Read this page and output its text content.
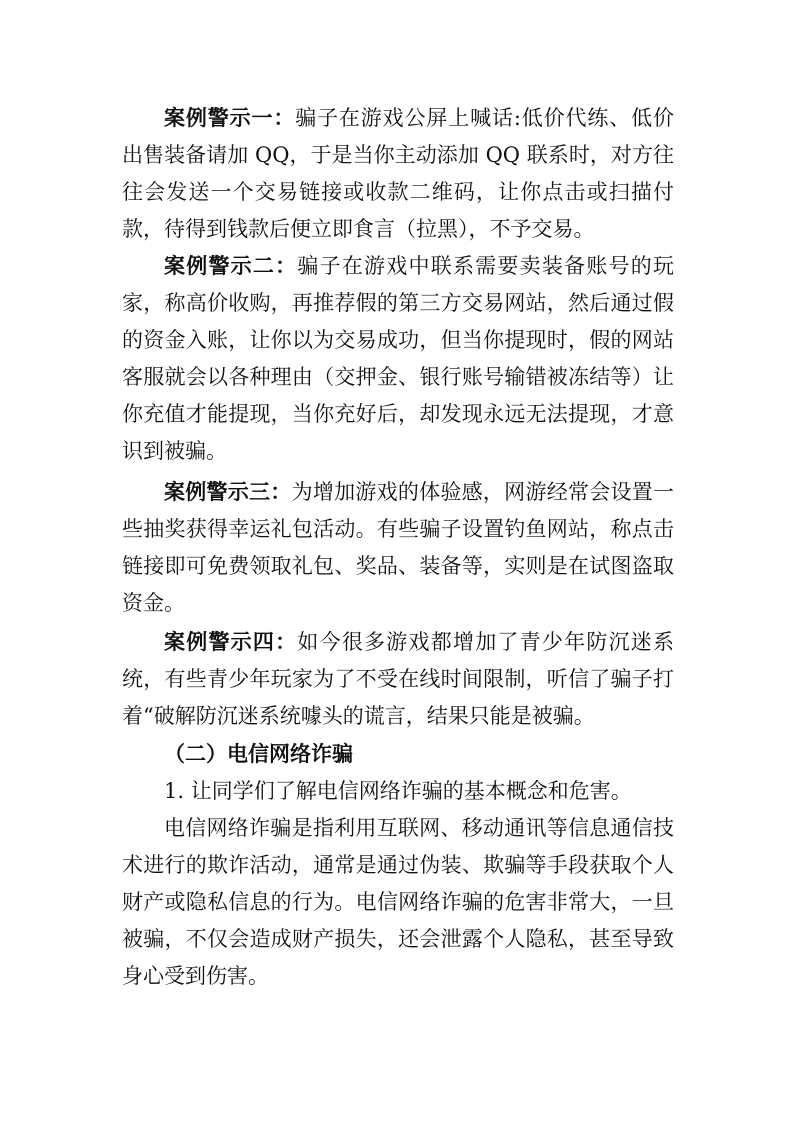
案例警示一：骗子在游戏公屏上喊话:低价代练、低价出售装备请加 QQ，于是当你主动添加 QQ 联系时，对方往往会发送一个交易链接或收款二维码，让你点击或扫描付款，待得到钱款后便立即食言（拉黑），不予交易。

案例警示二：骗子在游戏中联系需要卖装备账号的玩家，称高价收购，再推荐假的第三方交易网站，然后通过假的资金入账，让你以为交易成功，但当你提现时，假的网站客服就会以各种理由（交押金、银行账号输错被冻结等）让你充值才能提现，当你充好后，却发现永远无法提现，才意识到被骗。

案例警示三：为增加游戏的体验感，网游经常会设置一些抽奖获得幸运礼包活动。有些骗子设置钓鱼网站，称点击链接即可免费领取礼包、奖品、装备等，实则是在试图盗取资金。

案例警示四：如今很多游戏都增加了青少年防沉迷系统，有些青少年玩家为了不受在线时间限制，听信了骗子打着“破解防沉迷系统噱头的谎言，结果只能是被骗。

（二）电信网络诈骗

1. 让同学们了解电信网络诈骗的基本概念和危害。

电信网络诈骗是指利用互联网、移动通讯等信息通信技术进行的欺诈活动，通常是通过伪装、欺骗等手段获取个人财产或隐私信息的行为。电信网络诈骗的危害非常大，一旦被骗，不仅会造成财产损失，还会泄露个人隐私，甚至导致身心受到伤害。
